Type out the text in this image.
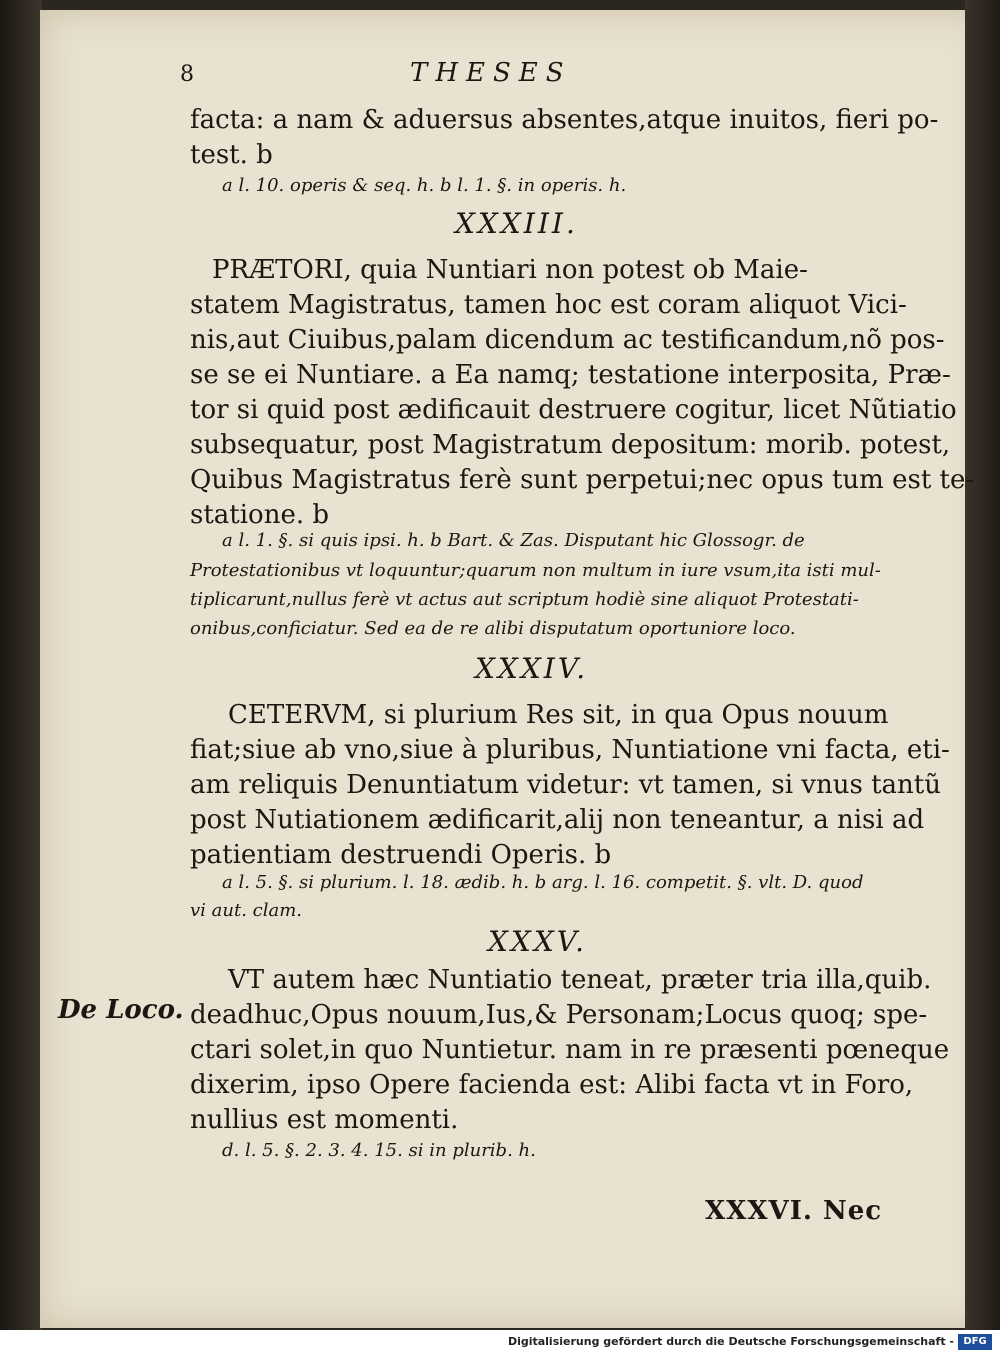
8	THESES
facta: a nam & aduersus absentes,atque inuitos, fieri po-
test. b
a l. 10. operis & seq. h. b l. 1. §. in operis. h.
XXXIII.
PRÆTORI, quia Nuntiari non potest ob Maie-
statem Magistratus, tamen hoc est coram aliquot Vici-
nis,aut Ciuibus,palam dicendum ac testificandum,nõ pos-
se se ei Nuntiare. a Ea namq; testatione interposita, Præ-
tor si quid post ædificauit destruere cogitur, licet Nũtiatio
subsequatur, post Magistratum depositum: morib. potest,
Quibus Magistratus ferè sunt perpetui;nec opus tum est te-
statione. b
a l. 1. §. si quis ipsi. h. b Bart. & Zas. Disputant hic Glossogr. de
Protestationibus vt loquuntur;quarum non multum in iure vsum,ita isti mul-
tiplicarunt,nullus ferè vt actus aut scriptum hodiè sine aliquot Protestati-
onibus,conficiatur. Sed ea de re alibi disputatum oportuniore loco.
XXXIV.
CETERVM, si plurium Res sit, in qua Opus nouum
fiat;siue ab vno,siue à pluribus, Nuntiatione vni facta, eti-
am reliquis Denuntiatum videtur: vt tamen, si vnus tantũ
post Nutiationem ædificarit,alij non teneantur, a nisi ad
patientiam destruendi Operis. b
a l. 5. §. si plurium. l. 18. ædib. h. b arg. l. 16. competit. §. vlt. D. quod
vi aut. clam.
XXXV.
VT autem hæc Nuntiatio teneat, præter tria illa,quib.
deadhuc,Opus nouum,Ius,& Personam;Locus quoq; spe-
ctari solet,in quo Nuntietur. nam in re præsenti pœneque
dixerim, ipso Opere facienda est: Alibi facta vt in Foro,
nullius est momenti.
d. l. 5. §. 2. 3. 4. 15. si in plurib. h.
De Loco.
XXXVI. Nec
Digitalisierung gefördert durch die Deutsche Forschungsgemeinschaft - DFG
